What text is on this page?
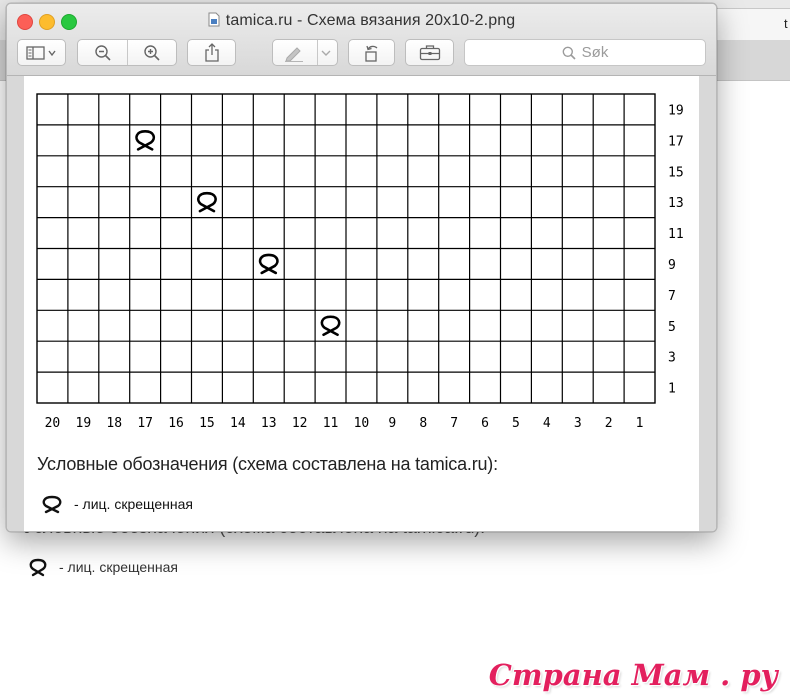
t
- лиц. скрещенная
Страна Мам . ру
tamica.ru - Схема вязания 20x10-2.png
Søk
20 19 18 17 16 15 14 13 12 11 10 9 8 7 6 5 4 3 2 1
19
17
15
13
11
9
7
5
3
1
Условные обозначения (схема составлена на tamica.ru):
- лиц. скрещенная
